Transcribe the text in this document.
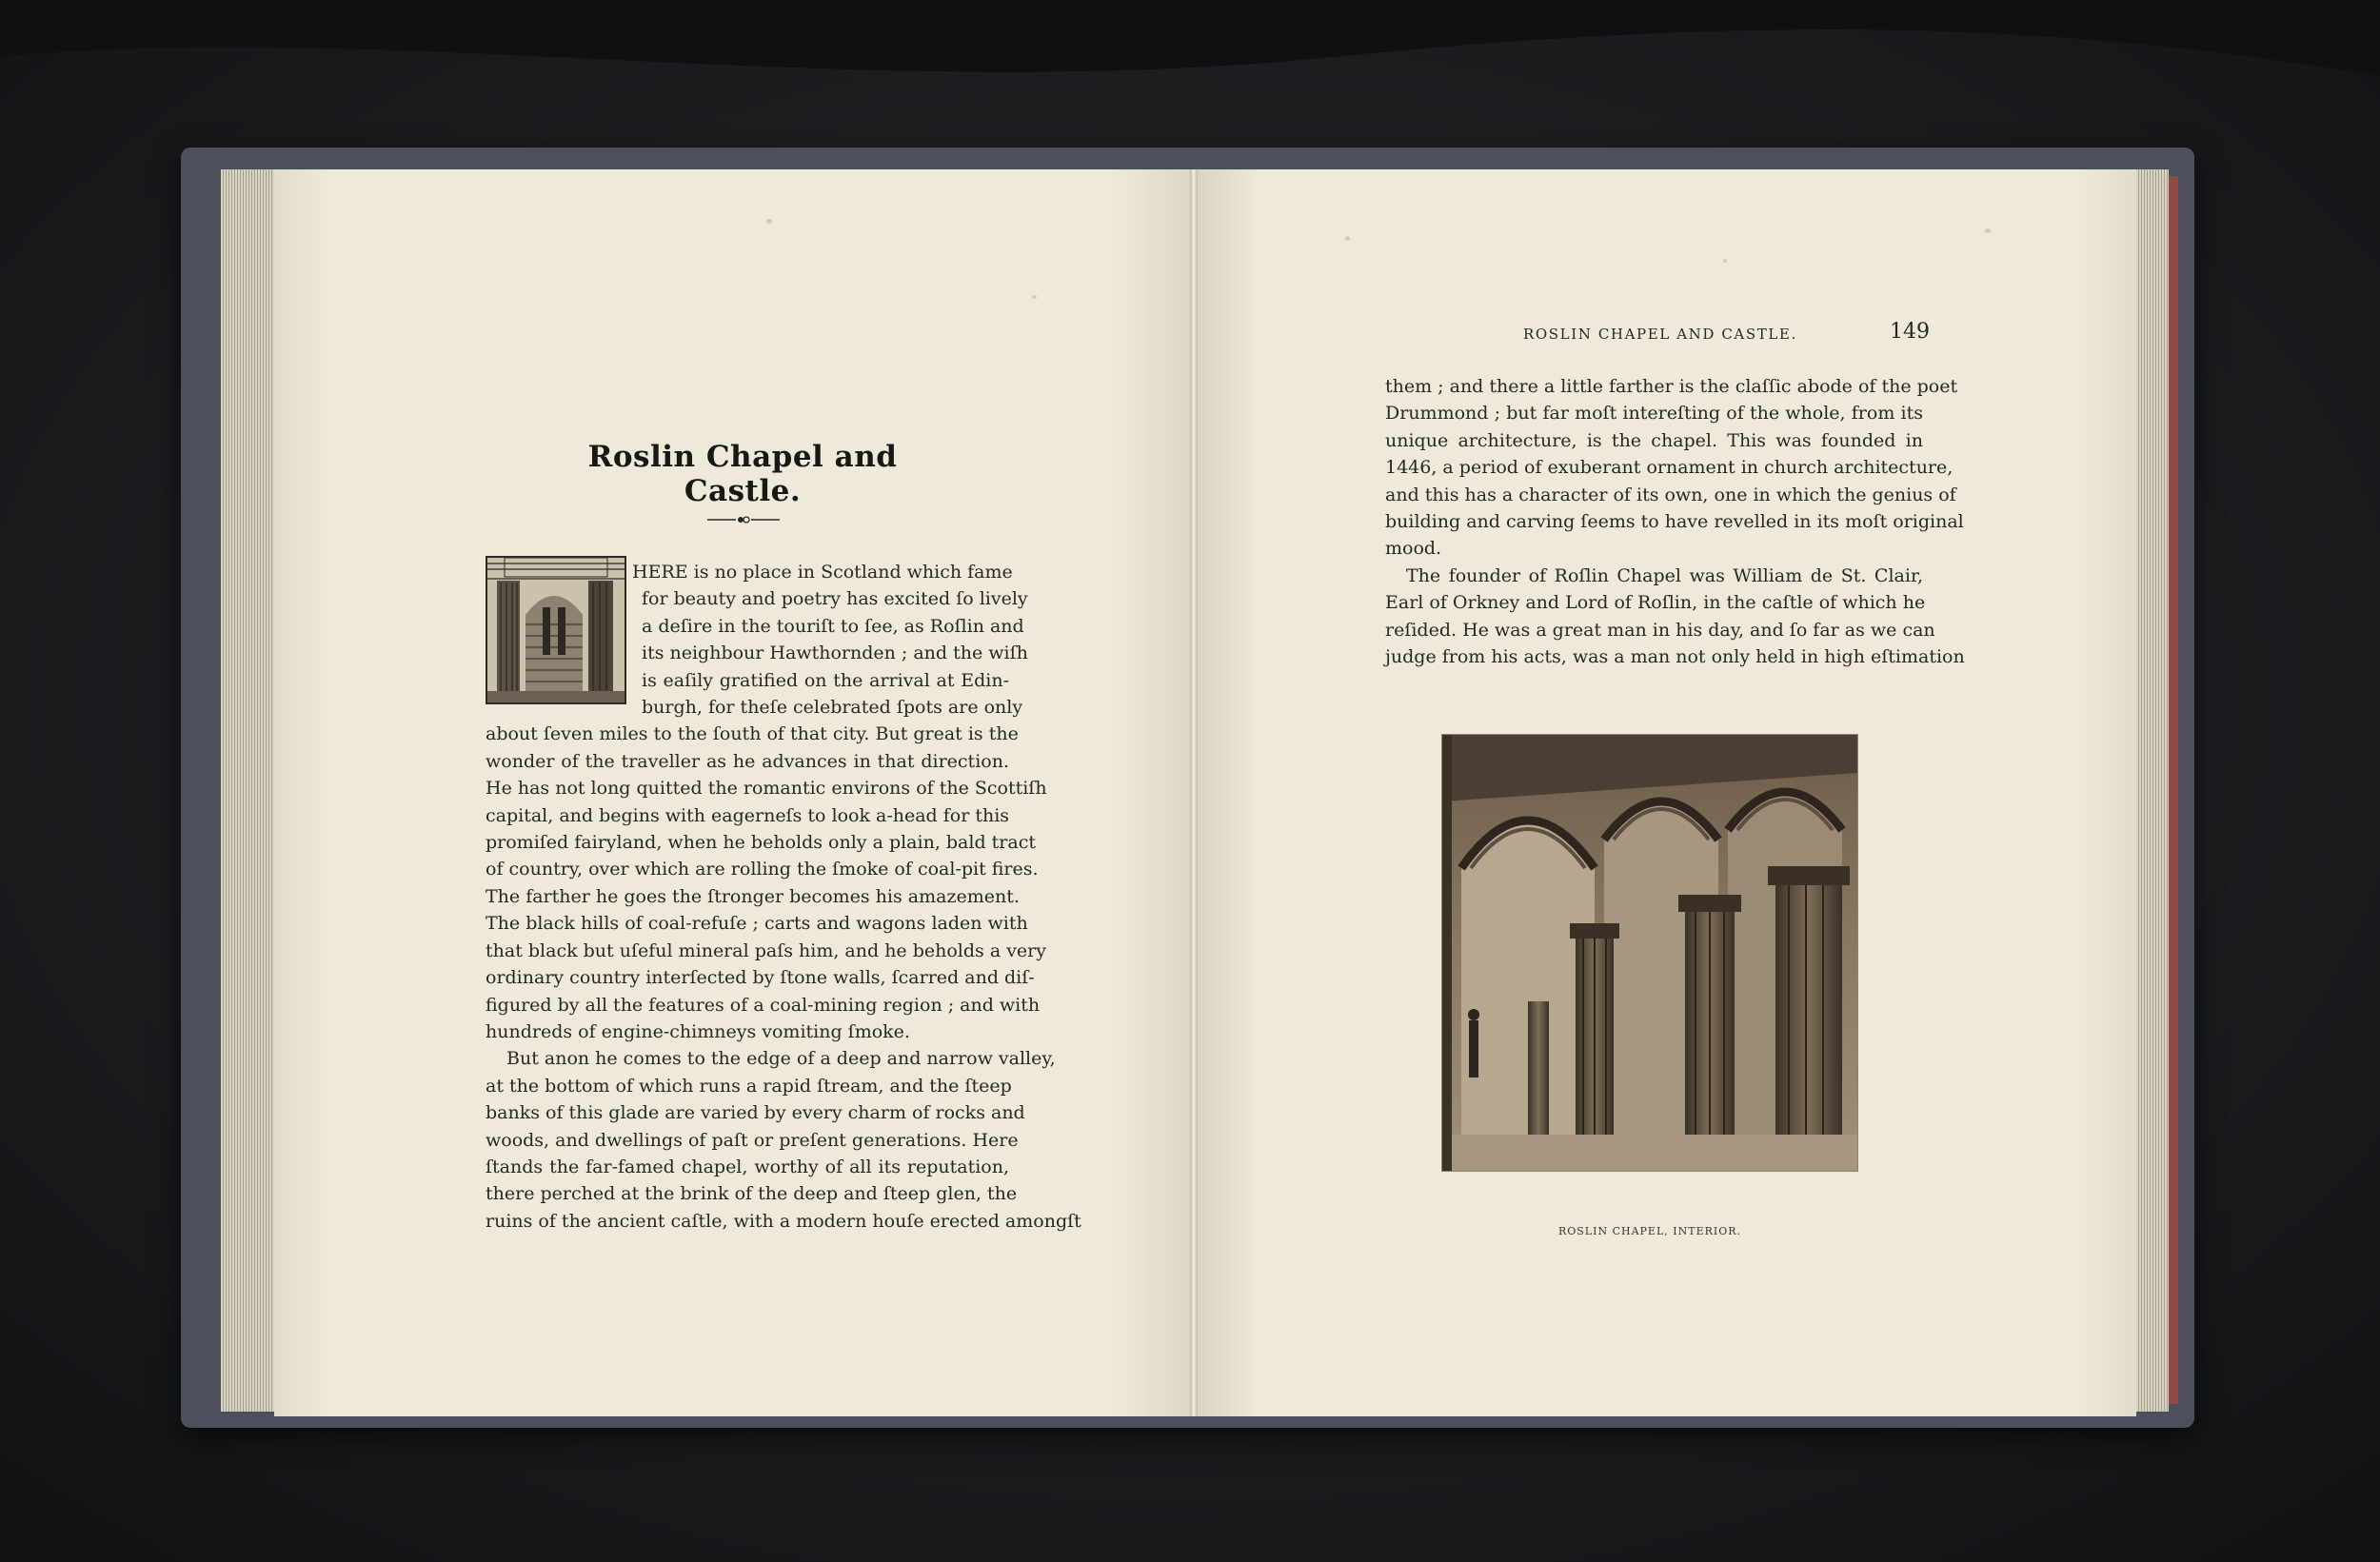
Roslin Chapel and Castle.
HERE is no place in Scotland which fame
for beauty and poetry has excited ſo lively
a deſire in the touriſt to ſee, as Roſlin and
its neighbour Hawthornden ; and the wiſh
is eaſily gratified on the arrival at Edin-
burgh, for theſe celebrated ſpots are only
about ſeven miles to the ſouth of that city. But great is the
wonder of the traveller as he advances in that direction.
He has not long quitted the romantic environs of the Scottiſh
capital, and begins with eagerneſs to look a-head for this
promiſed fairyland, when he beholds only a plain, bald tract
of country, over which are rolling the ſmoke of coal-pit fires.
The farther he goes the ſtronger becomes his amazement.
The black hills of coal-refuſe ; carts and wagons laden with
that black but uſeful mineral paſs him, and he beholds a very
ordinary country interſected by ſtone walls, ſcarred and diſ-
figured by all the features of a coal-mining region ; and with
hundreds of engine-chimneys vomiting ſmoke.
But anon he comes to the edge of a deep and narrow valley,
at the bottom of which runs a rapid ſtream, and the ſteep
banks of this glade are varied by every charm of rocks and
woods, and dwellings of paſt or preſent generations. Here
ſtands the far-famed chapel, worthy of all its reputation,
there perched at the brink of the deep and ſteep glen, the
ruins of the ancient caſtle, with a modern houſe erected amongſt
ROSLIN CHAPEL AND CASTLE.	149
them ; and there a little farther is the claſſic abode of the poet
Drummond ; but far moſt intereſting of the whole, from its
unique architecture, is the chapel. This was founded in
1446, a period of exuberant ornament in church architecture,
and this has a character of its own, one in which the genius of
building and carving ſeems to have revelled in its moſt original
mood.
The founder of Roſlin Chapel was William de St. Clair,
Earl of Orkney and Lord of Roſlin, in the caſtle of which he
reſided. He was a great man in his day, and ſo far as we can
judge from his acts, was a man not only held in high eſtimation
ROSLIN CHAPEL, INTERIOR.
